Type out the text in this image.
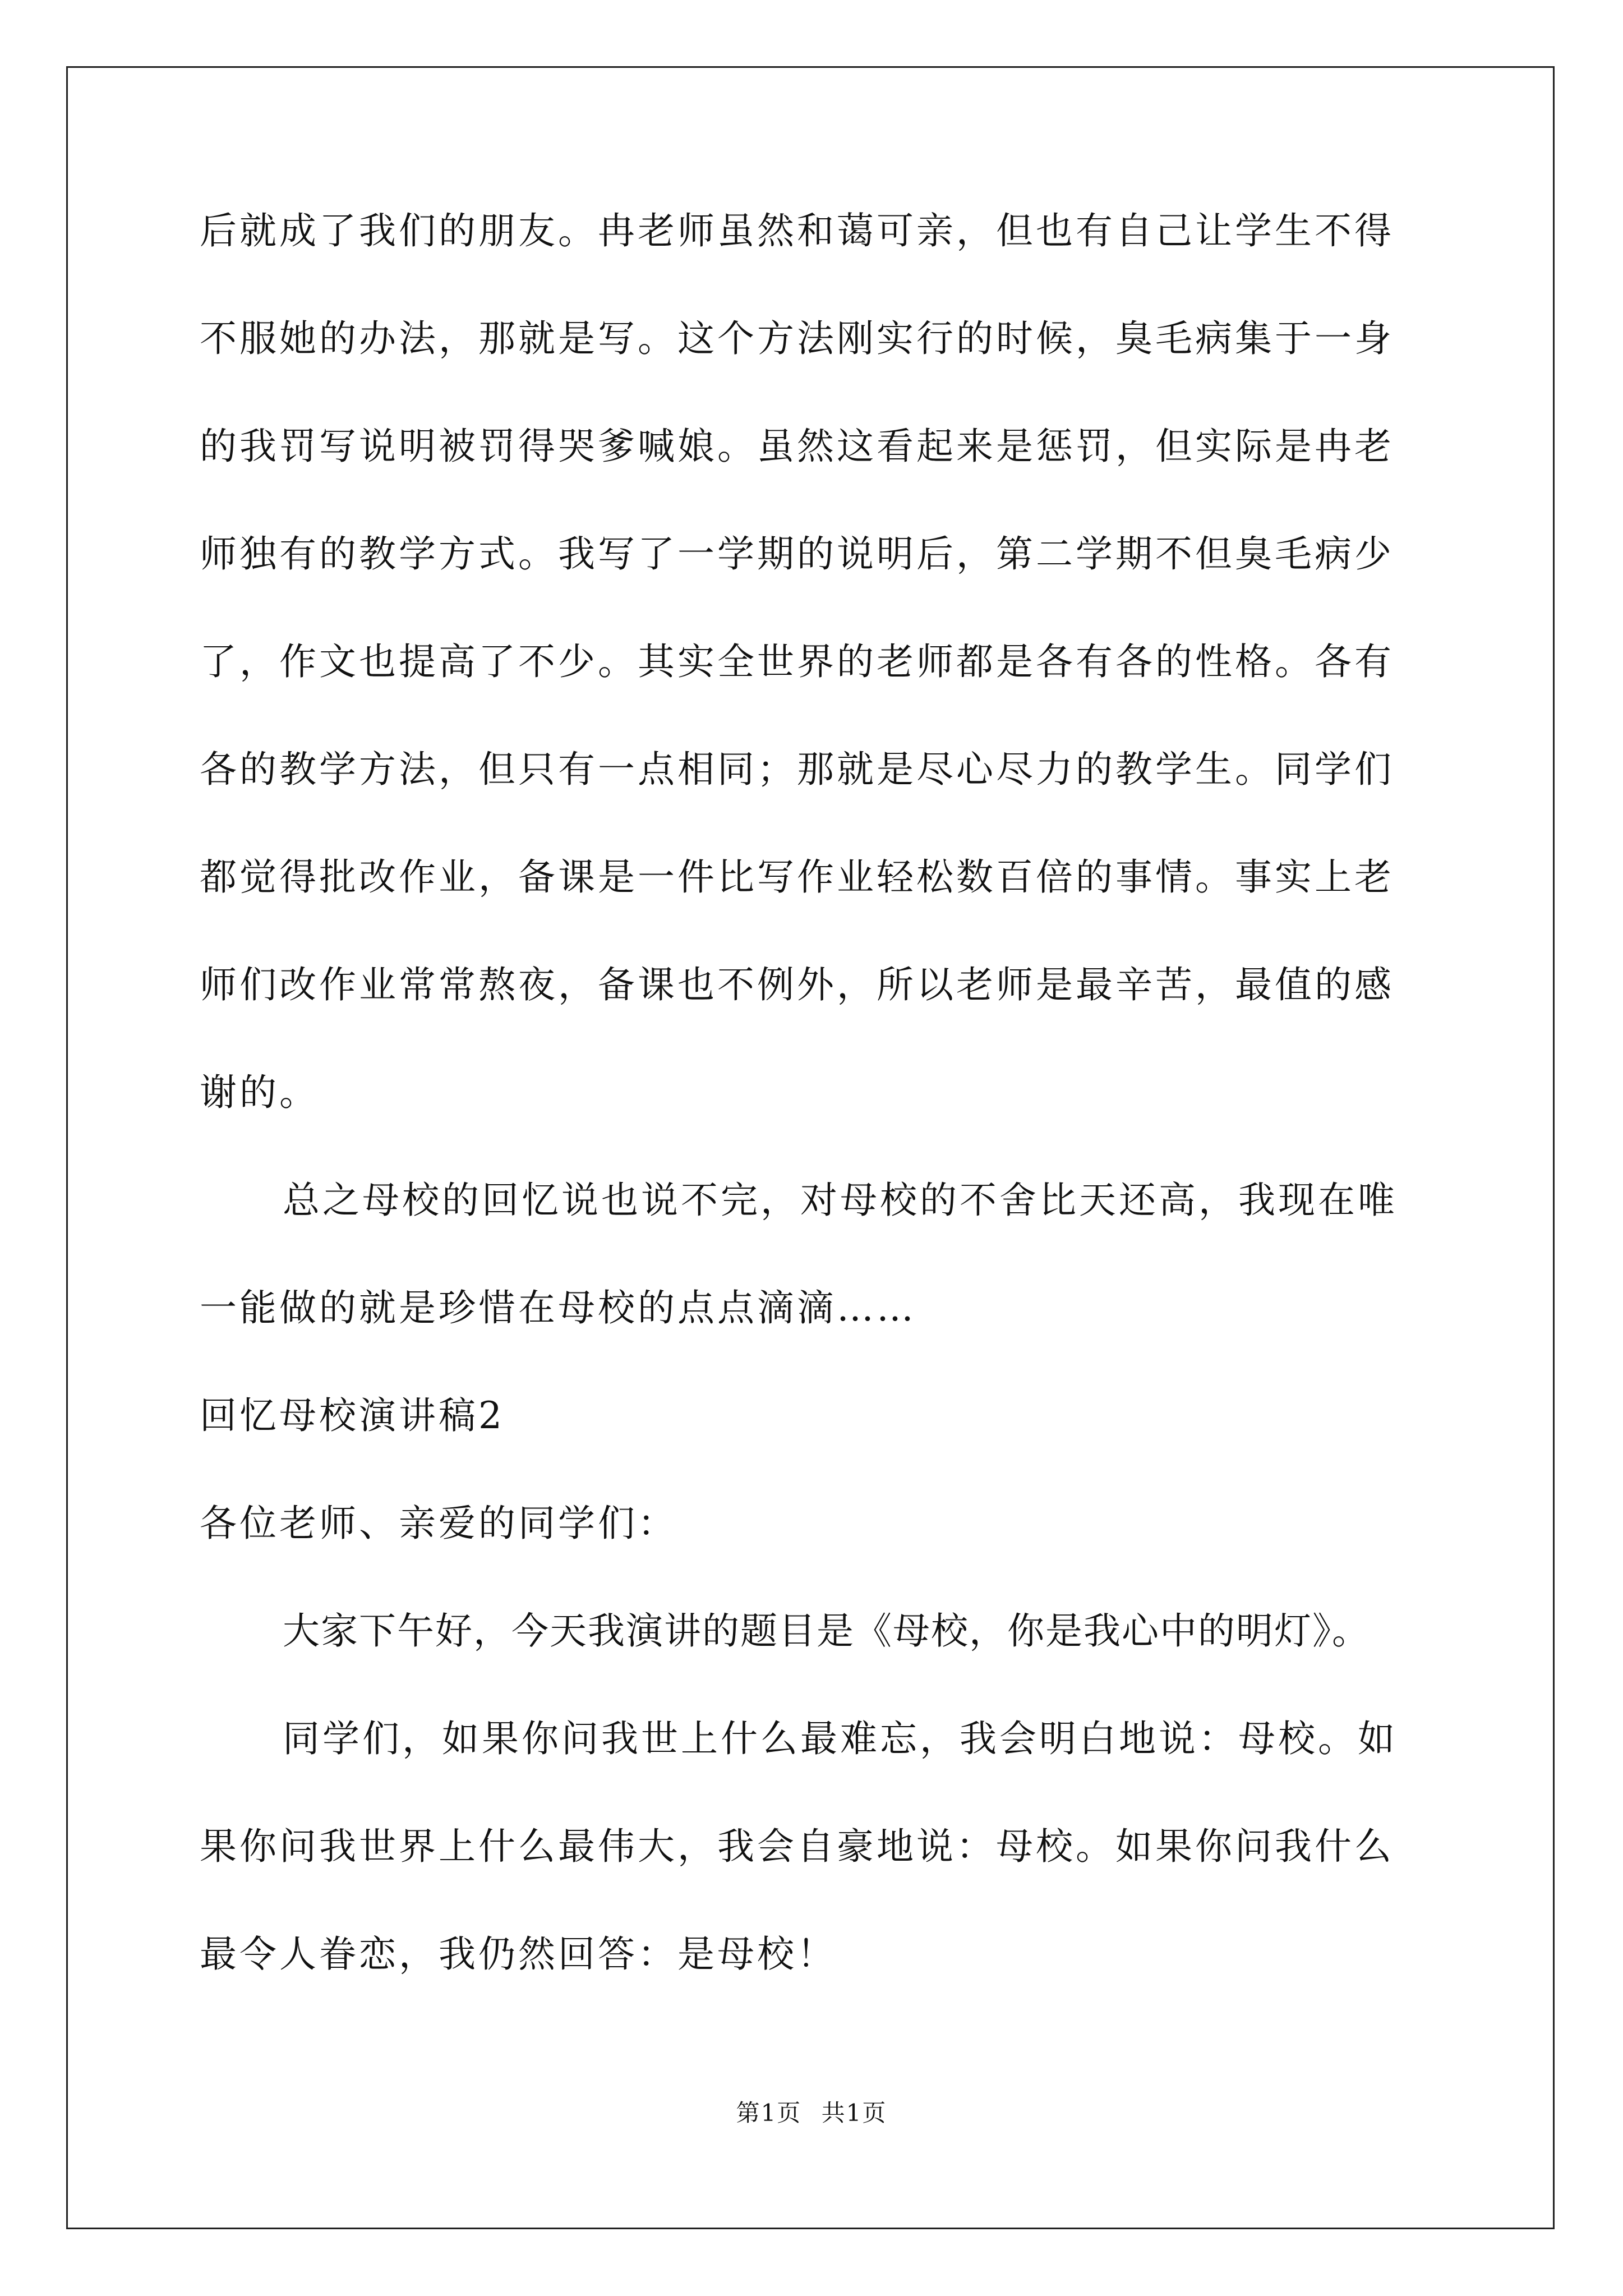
后就成了我们的朋友。冉老师虽然和蔼可亲，但也有自己让学生不得
不服她的办法，那就是写。这个方法刚实行的时候，臭毛病集于一身
的我罚写说明被罚得哭爹喊娘。虽然这看起来是惩罚，但实际是冉老
师独有的教学方式。我写了一学期的说明后，第二学期不但臭毛病少
了，作文也提高了不少。其实全世界的老师都是各有各的性格。各有
各的教学方法，但只有一点相同；那就是尽心尽力的教学生。同学们
都觉得批改作业，备课是一件比写作业轻松数百倍的事情。事实上老
师们改作业常常熬夜，备课也不例外，所以老师是最辛苦，最值的感
谢的。
总之母校的回忆说也说不完，对母校的不舍比天还高，我现在唯
一能做的就是珍惜在母校的点点滴滴……
回忆母校演讲稿2
各位老师、亲爱的同学们：
大家下午好，今天我演讲的题目是《母校，你是我心中的明灯》。
同学们，如果你问我世上什么最难忘，我会明白地说：母校。如
果你问我世界上什么最伟大，我会自豪地说：母校。如果你问我什么
最令人眷恋，我仍然回答：是母校！
第1页 共1页
